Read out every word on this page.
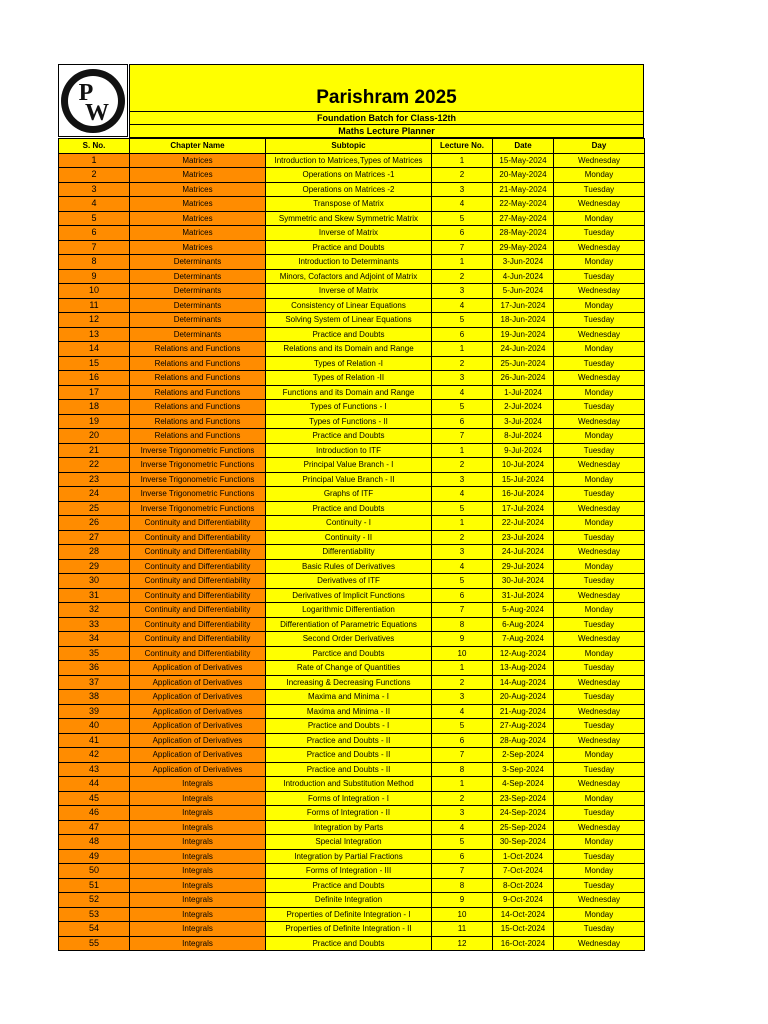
P
W
Parishram 2025
Foundation Batch for Class-12th
Maths Lecture Planner
S. No.	Chapter Name	Subtopic	Lecture No.	Date	Day
1	Matrices	Introduction to Matrices,Types of Matrices	1	15-May-2024	Wednesday
2	Matrices	Operations on Matrices -1	2	20-May-2024	Monday
3	Matrices	Operations on Matrices -2	3	21-May-2024	Tuesday
4	Matrices	Transpose of Matrix	4	22-May-2024	Wednesday
5	Matrices	Symmetric and Skew Symmetric Matrix	5	27-May-2024	Monday
6	Matrices	Inverse of Matrix	6	28-May-2024	Tuesday
7	Matrices	Practice and Doubts	7	29-May-2024	Wednesday
8	Determinants	Introduction to Determinants	1	3-Jun-2024	Monday
9	Determinants	Minors, Cofactors and Adjoint of Matrix	2	4-Jun-2024	Tuesday
10	Determinants	Inverse of Matrix	3	5-Jun-2024	Wednesday
11	Determinants	Consistency of Linear Equations	4	17-Jun-2024	Monday
12	Determinants	Solving System of Linear Equations	5	18-Jun-2024	Tuesday
13	Determinants	Practice and Doubts	6	19-Jun-2024	Wednesday
14	Relations and Functions	Relations and its Domain and Range	1	24-Jun-2024	Monday
15	Relations and Functions	Types of Relation -I	2	25-Jun-2024	Tuesday
16	Relations and Functions	Types of Relation -II	3	26-Jun-2024	Wednesday
17	Relations and Functions	Functions and its Domain and Range	4	1-Jul-2024	Monday
18	Relations and Functions	Types of Functions - I	5	2-Jul-2024	Tuesday
19	Relations and Functions	Types of Functions - II	6	3-Jul-2024	Wednesday
20	Relations and Functions	Practice and Doubts	7	8-Jul-2024	Monday
21	Inverse Trigonometric Functions	Introduction to ITF	1	9-Jul-2024	Tuesday
22	Inverse Trigonometric Functions	Principal Value Branch - I	2	10-Jul-2024	Wednesday
23	Inverse Trigonometric Functions	Principal Value Branch - II	3	15-Jul-2024	Monday
24	Inverse Trigonometric Functions	Graphs of ITF	4	16-Jul-2024	Tuesday
25	Inverse Trigonometric Functions	Practice and Doubts	5	17-Jul-2024	Wednesday
26	Continuity and Differentiability	Continuity - I	1	22-Jul-2024	Monday
27	Continuity and Differentiability	Continuity - II	2	23-Jul-2024	Tuesday
28	Continuity and Differentiability	Differentiability	3	24-Jul-2024	Wednesday
29	Continuity and Differentiability	Basic Rules of Derivatives	4	29-Jul-2024	Monday
30	Continuity and Differentiability	Derivatives of ITF	5	30-Jul-2024	Tuesday
31	Continuity and Differentiability	Derivatives of Implicit Functions	6	31-Jul-2024	Wednesday
32	Continuity and Differentiability	Logarithmic Differentiation	7	5-Aug-2024	Monday
33	Continuity and Differentiability	Differentiation of Parametric Equations	8	6-Aug-2024	Tuesday
34	Continuity and Differentiability	Second Order Derivatives	9	7-Aug-2024	Wednesday
35	Continuity and Differentiability	Parctice and Doubts	10	12-Aug-2024	Monday
36	Application of Derivatives	Rate of Change of Quantities	1	13-Aug-2024	Tuesday
37	Application of Derivatives	Increasing & Decreasing Functions	2	14-Aug-2024	Wednesday
38	Application of Derivatives	Maxima and Minima - I	3	20-Aug-2024	Tuesday
39	Application of Derivatives	Maxima and Minima - II	4	21-Aug-2024	Wednesday
40	Application of Derivatives	Practice and Doubts - I	5	27-Aug-2024	Tuesday
41	Application of Derivatives	Practice and Doubts - II	6	28-Aug-2024	Wednesday
42	Application of Derivatives	Practice and Doubts - II	7	2-Sep-2024	Monday
43	Application of Derivatives	Practice and Doubts - II	8	3-Sep-2024	Tuesday
44	Integrals	Introduction and Substitution Method	1	4-Sep-2024	Wednesday
45	Integrals	Forms of Integration - I	2	23-Sep-2024	Monday
46	Integrals	Forms of Integration - II	3	24-Sep-2024	Tuesday
47	Integrals	Integration by Parts	4	25-Sep-2024	Wednesday
48	Integrals	Special Integration	5	30-Sep-2024	Monday
49	Integrals	Integration by Partial Fractions	6	1-Oct-2024	Tuesday
50	Integrals	Forms of Integration - III	7	7-Oct-2024	Monday
51	Integrals	Practice and Doubts	8	8-Oct-2024	Tuesday
52	Integrals	Definite Integration	9	9-Oct-2024	Wednesday
53	Integrals	Properties of Definite Integration - I	10	14-Oct-2024	Monday
54	Integrals	Properties of Definite Integration - II	11	15-Oct-2024	Tuesday
55	Integrals	Practice and Doubts	12	16-Oct-2024	Wednesday
